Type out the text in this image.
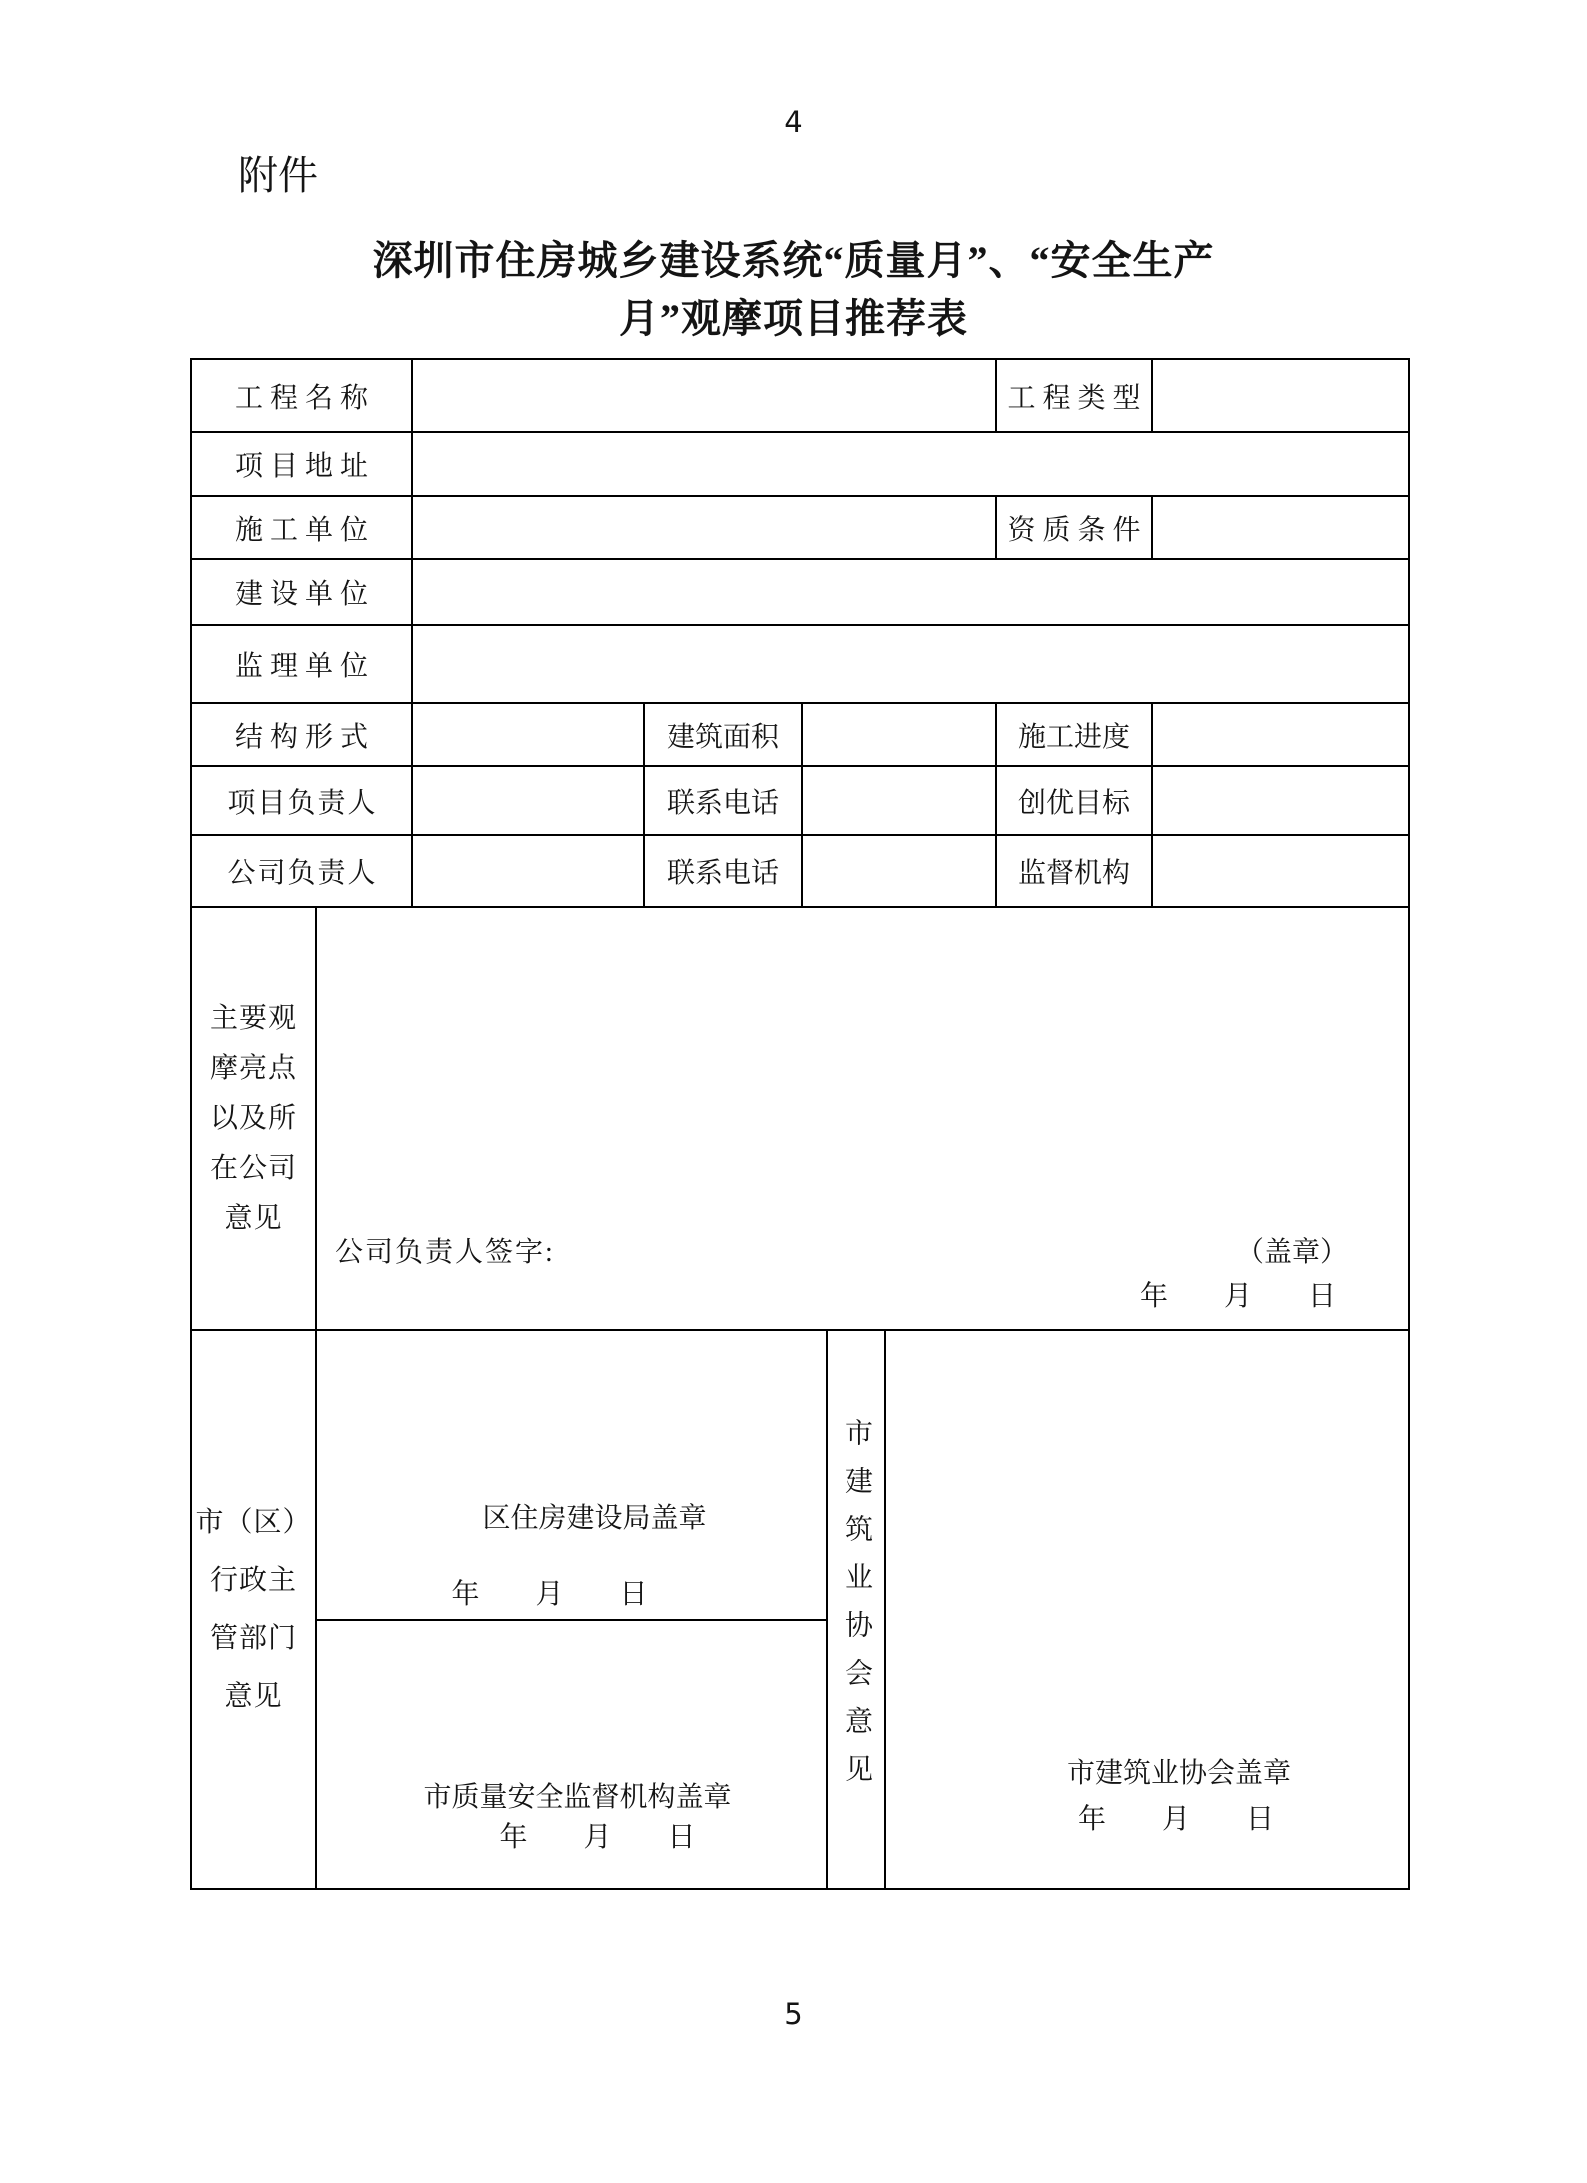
4
附件
深圳市住房城乡建设系统“质量月”、“安全生产
月”观摩项目推荐表
工程名称	工程类型
项目地址
施工单位	资质条件
建设单位
监理单位
结构形式	建筑面积	施工进度
项目负责人	联系电话	创优目标
公司负责人	联系电话	监督机构
主要观
摩亮点
以及所
在公司
意见
公司负责人签字:	（盖章）
年　　月　　日
市（区）
行政主
管部门
意见
区住房建设局盖章
年　　月　　日
市质量安全监督机构盖章
年　　月　　日
市建筑业协会意见	市建筑业协会盖章
年　　月　　日
5
